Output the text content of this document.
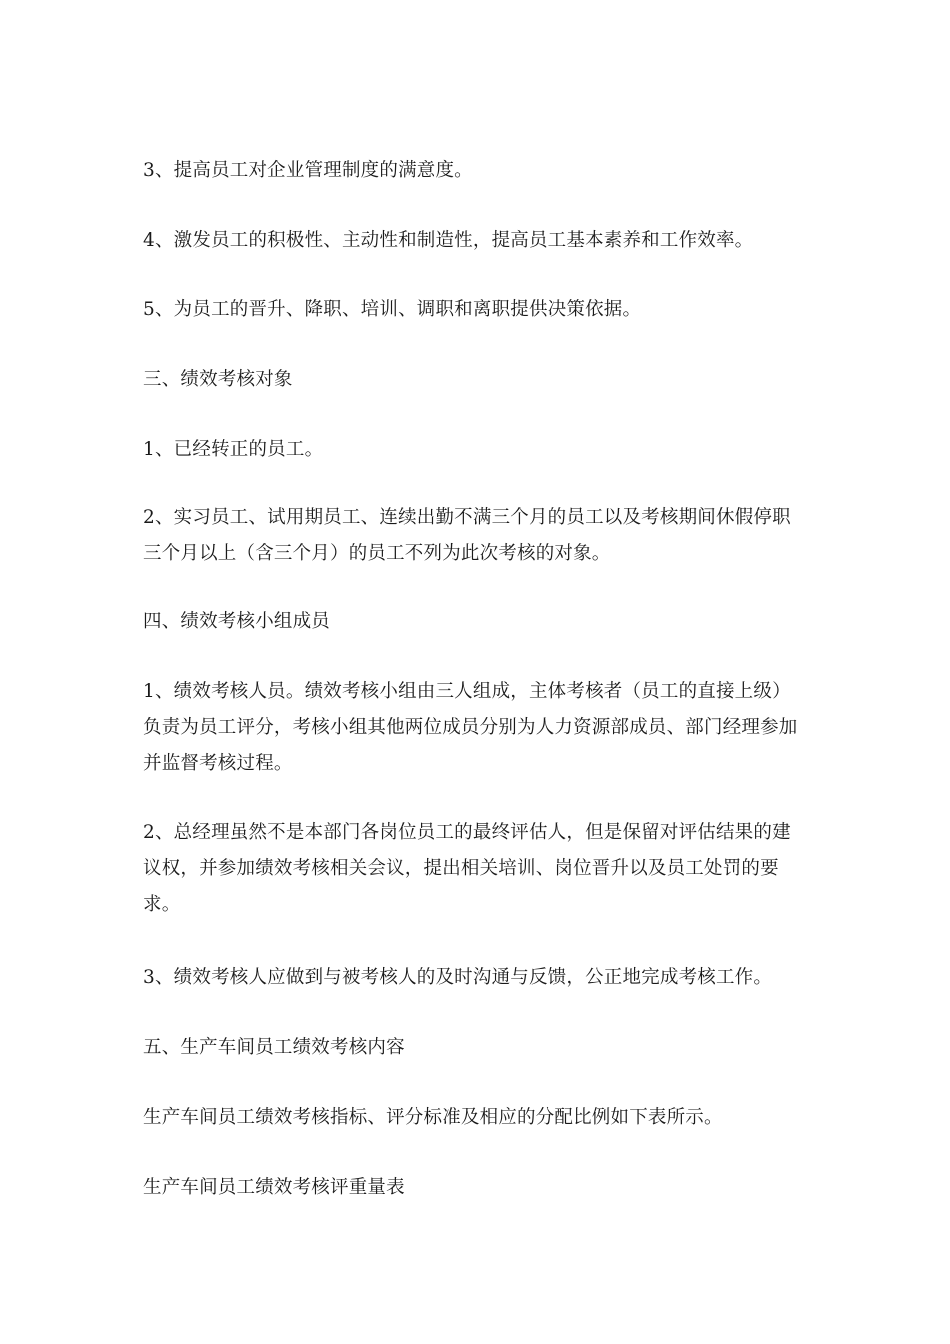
3、提高员工对企业管理制度的满意度。

4、激发员工的积极性、主动性和制造性，提高员工基本素养和工作效率。

5、为员工的晋升、降职、培训、调职和离职提供决策依据。

三、绩效考核对象

1、已经转正的员工。

2、实习员工、试用期员工、连续出勤不满三个月的员工以及考核期间休假停职三个月以上（含三个月）的员工不列为此次考核的对象。

四、绩效考核小组成员

1、绩效考核人员。绩效考核小组由三人组成，主体考核者（员工的直接上级）负责为员工评分，考核小组其他两位成员分别为人力资源部成员、部门经理参加并监督考核过程。

2、总经理虽然不是本部门各岗位员工的最终评估人，但是保留对评估结果的建议权，并参加绩效考核相关会议，提出相关培训、岗位晋升以及员工处罚的要求。

3、绩效考核人应做到与被考核人的及时沟通与反馈，公正地完成考核工作。

五、生产车间员工绩效考核内容

生产车间员工绩效考核指标、评分标准及相应的分配比例如下表所示。

生产车间员工绩效考核评重量表
